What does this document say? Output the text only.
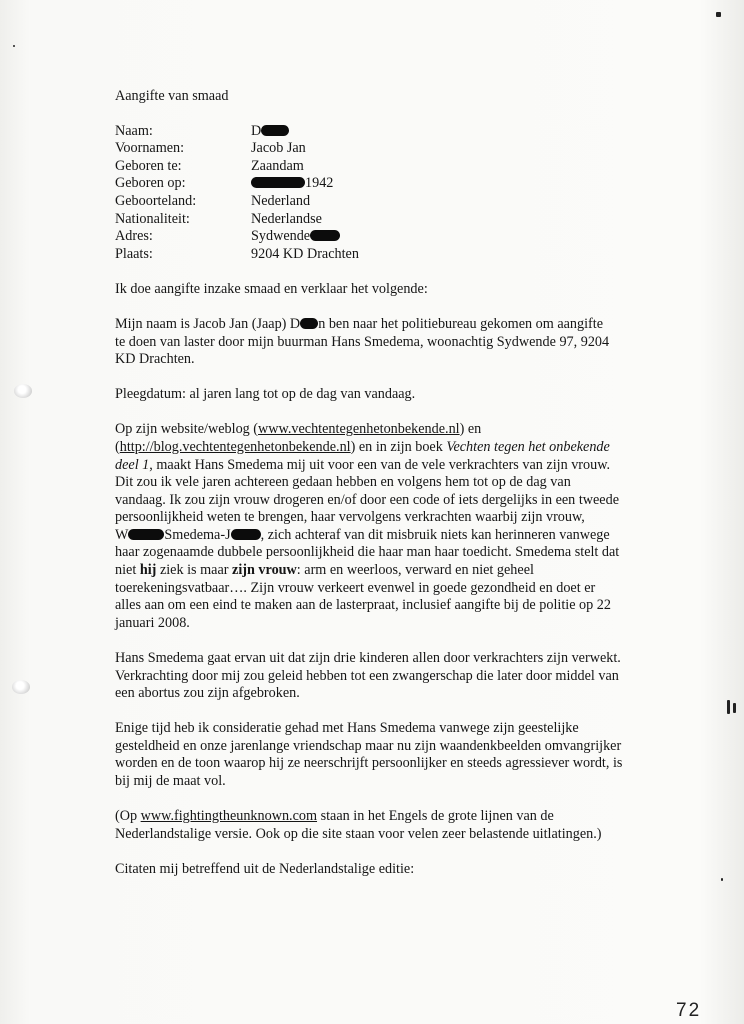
Aangifte van smaad
Naam:	D
Voornamen:	Jacob Jan
Geboren te:	Zaandam
Geboren op:	1942
Geboorteland:	Nederland
Nationaliteit:	Nederlandse
Adres:	Sydwende
Plaats:	9204 KD Drachten
Ik doe aangifte inzake smaad en verklaar het volgende:
Mijn naam is Jacob Jan (Jaap) D n ben naar het politiebureau gekomen om aangifte
te doen van laster door mijn buurman Hans Smedema, woonachtig Sydwende 97, 9204
KD Drachten.
Pleegdatum: al jaren lang tot op de dag van vandaag.
Op zijn website/weblog (www.vechtentegenhetonbekende.nl) en
(http://blog.vechtentegenhetonbekende.nl) en in zijn boek Vechten tegen het onbekende
deel 1, maakt Hans Smedema mij uit voor een van de vele verkrachters van zijn vrouw.
Dit zou ik vele jaren achtereen gedaan hebben en volgens hem tot op de dag van
vandaag. Ik zou zijn vrouw drogeren en/of door een code of iets dergelijks in een tweede
persoonlijkheid weten te brengen, haar vervolgens verkrachten waarbij zijn vrouw,
W	Smedema-J , zich achteraf van dit misbruik niets kan herinneren vanwege
haar zogenaamde dubbele persoonlijkheid die haar man haar toedicht. Smedema stelt dat
niet hij ziek is maar zijn vrouw: arm en weerloos, verward en niet geheel
toerekeningsvatbaar…. Zijn vrouw verkeert evenwel in goede gezondheid en doet er
alles aan om een eind te maken aan de lasterpraat, inclusief aangifte bij de politie op 22
januari 2008.
Hans Smedema gaat ervan uit dat zijn drie kinderen allen door verkrachters zijn verwekt.
Verkrachting door mij zou geleid hebben tot een zwangerschap die later door middel van
een abortus zou zijn afgebroken.
Enige tijd heb ik consideratie gehad met Hans Smedema vanwege zijn geestelijke
gesteldheid en onze jarenlange vriendschap maar nu zijn waandenkbeelden omvangrijker
worden en de toon waarop hij ze neerschrijft persoonlijker en steeds agressiever wordt, is
bij mij de maat vol.
(Op www.fightingtheunknown.com staan in het Engels de grote lijnen van de
Nederlandstalige versie. Ook op die site staan voor velen zeer belastende uitlatingen.)
Citaten mij betreffend uit de Nederlandstalige editie:
72
